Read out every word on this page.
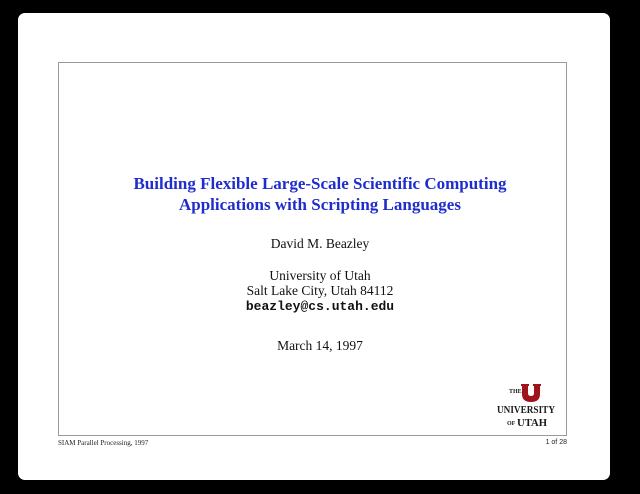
Building Flexible Large-Scale Scientific Computing
Applications with Scripting Languages
David M. Beazley
University of Utah
Salt Lake City, Utah 84112
beazley@cs.utah.edu
March 14, 1997
THE
UNIVERSITY
OF UTAH
SIAM Parallel Processing, 1997	1 of 28
